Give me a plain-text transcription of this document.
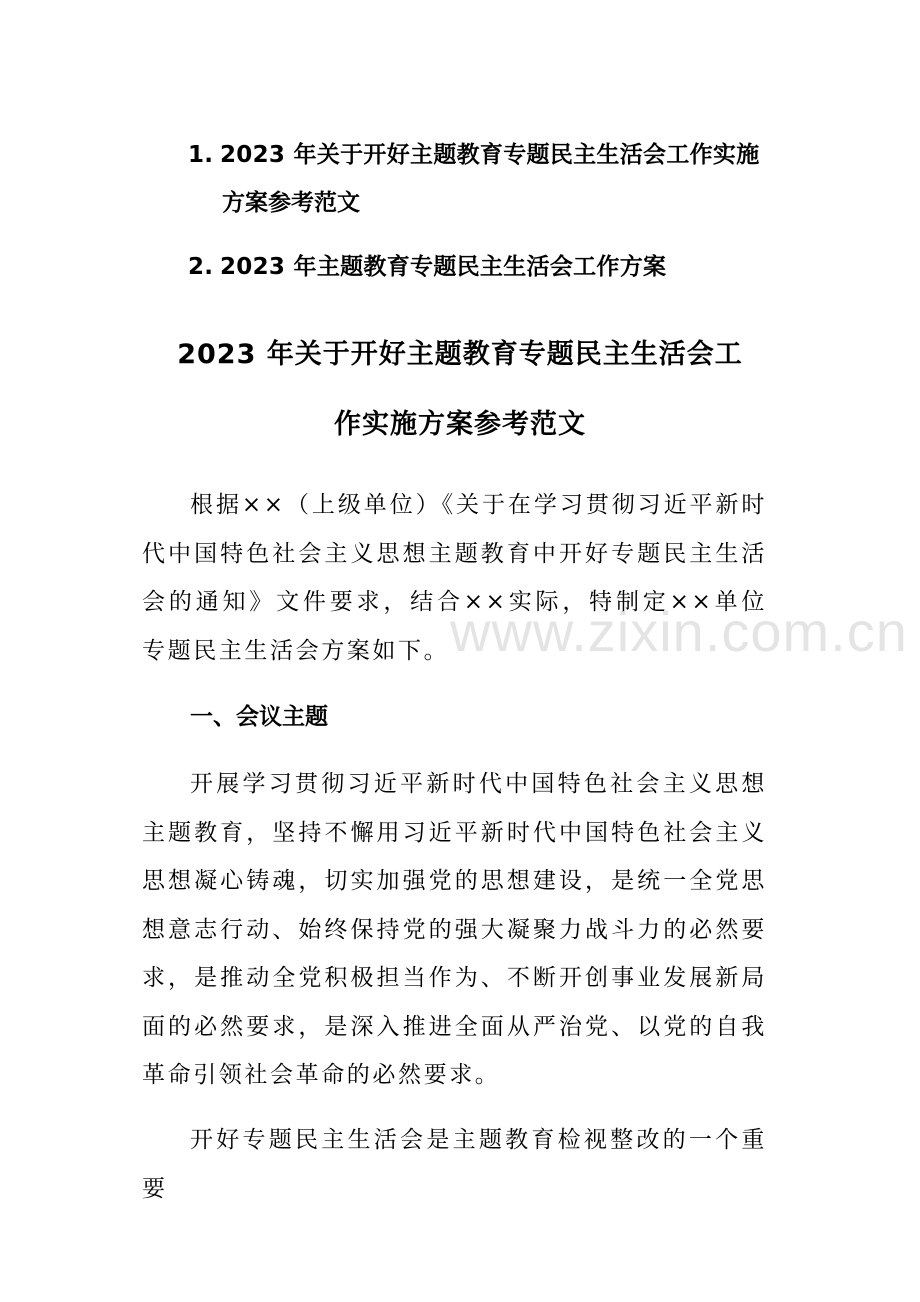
1. 2023 年关于开好主题教育专题民主生活会工作实施
方案参考范文
2. 2023 年主题教育专题民主生活会工作方案
2023 年关于开好主题教育专题民主生活会工
作实施方案参考范文

根据××（上级单位）《关于在学习贯彻习近平新时代中国特色社会主义思想主题教育中开好专题民主生活会的通知》文件要求，结合××实际，特制定××单位专题民主生活会方案如下。

一、会议主题

开展学习贯彻习近平新时代中国特色社会主义思想主题教育，坚持不懈用习近平新时代中国特色社会主义思想凝心铸魂，切实加强党的思想建设，是统一全党思想意志行动、始终保持党的强大凝聚力战斗力的必然要求，是推动全党积极担当作为、不断开创事业发展新局面的必然要求，是深入推进全面从严治党、以党的自我革命引领社会革命的必然要求。

开好专题民主生活会是主题教育检视整改的一个重要

www.zixin.com.cn
